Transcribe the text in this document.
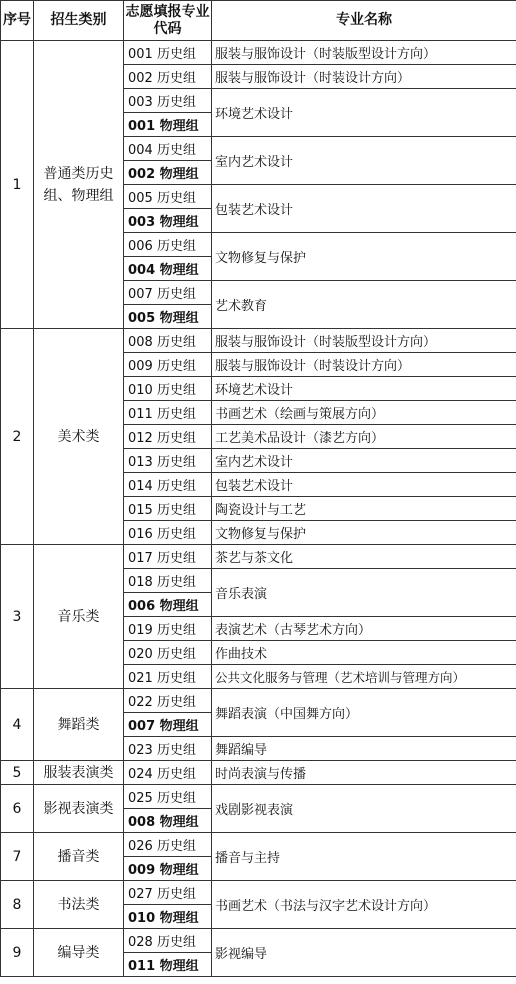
序号	招生类别	志愿填报专业代码	专业名称
1	普通类历史组、物理组	001 历史组	服装与服饰设计（时装版型设计方向）
		002 历史组	服装与服饰设计（时装设计方向）
		003 历史组	环境艺术设计
		001 物理组	
		004 历史组	室内艺术设计
		002 物理组	
		005 历史组	包装艺术设计
		003 物理组	
		006 历史组	文物修复与保护
		004 物理组	
		007 历史组	艺术教育
		005 物理组	
2	美术类	008 历史组	服装与服饰设计（时装版型设计方向）
		009 历史组	服装与服饰设计（时装设计方向）
		010 历史组	环境艺术设计
		011 历史组	书画艺术（绘画与策展方向）
		012 历史组	工艺美术品设计（漆艺方向）
		013 历史组	室内艺术设计
		014 历史组	包装艺术设计
		015 历史组	陶瓷设计与工艺
		016 历史组	文物修复与保护
3	音乐类	017 历史组	茶艺与茶文化
		018 历史组	音乐表演
		006 物理组	
		019 历史组	表演艺术（古琴艺术方向）
		020 历史组	作曲技术
		021 历史组	公共文化服务与管理（艺术培训与管理方向）
4	舞蹈类	022 历史组	舞蹈表演（中国舞方向）
		007 物理组	
		023 历史组	舞蹈编导
5	服装表演类	024 历史组	时尚表演与传播
6	影视表演类	025 历史组	戏剧影视表演
		008 物理组	
7	播音类	026 历史组	播音与主持
		009 物理组	
8	书法类	027 历史组	书画艺术（书法与汉字艺术设计方向）
		010 物理组	
9	编导类	028 历史组	影视编导
		011 物理组	
